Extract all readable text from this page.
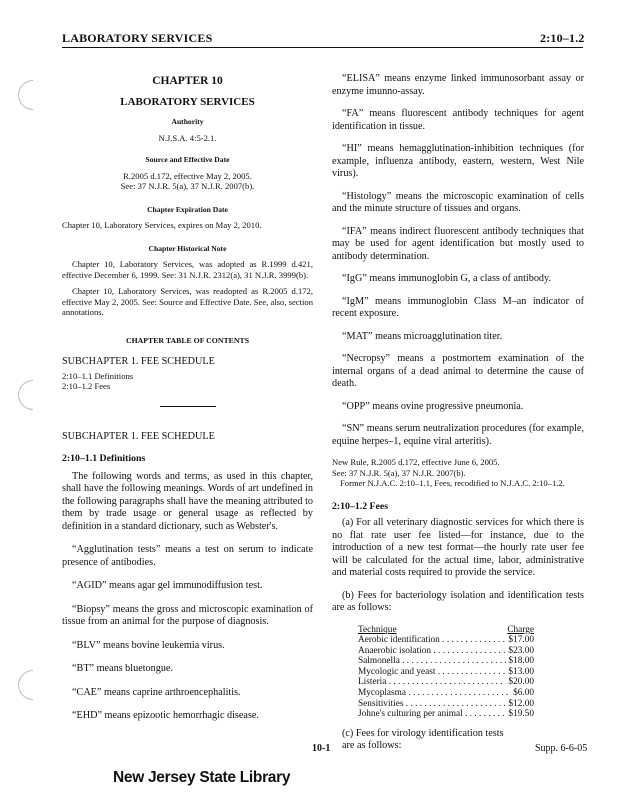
LABORATORY SERVICES	2:10–1.2
CHAPTER 10
LABORATORY SERVICES
Authority
N.J.S.A. 4:5-2.1.
Source and Effective Date
R.2005 d.172, effective May 2, 2005.
See: 37 N.J.R. 5(a), 37 N.J.R. 2007(b).
Chapter Expiration Date
Chapter 10, Laboratory Services, expires on May 2, 2010.
Chapter Historical Note

Chapter 10, Laboratory Services, was adopted as R.1999 d.421, effective December 6, 1999. See: 31 N.J.R. 2312(a), 31 N.J.R. 3999(b).

Chapter 10, Laboratory Services, was readopted as R.2005 d.172, effective May 2, 2005. See: Source and Effective Date. See, also, section annotations.

CHAPTER TABLE OF CONTENTS
SUBCHAPTER 1. FEE SCHEDULE
2:10–1.1 Definitions
2:10–1.2 Fees
SUBCHAPTER 1. FEE SCHEDULE
2:10–1.1 Definitions

The following words and terms, as used in this chapter, shall have the following meanings. Words of art undefined in the following paragraphs shall have the meaning attributed to them by trade usage or general usage as reflected by definition in a standard dictionary, such as Webster's.

“Agglutination tests” means a test on serum to indicate presence of antibodies.

“AGID” means agar gel immunodiffusion test.

“Biopsy” means the gross and microscopic examination of tissue from an animal for the purpose of diagnosis.

“BLV” means bovine leukemia virus.

“BT” means bluetongue.

“CAE” means caprine arthroencephalitis.

“EHD” means epizootic hemorrhagic disease.

“ELISA” means enzyme linked immunosorbant assay or enzyme imunno-assay.

“FA” means fluorescent antibody techniques for agent identification in tissue.

“HI” means hemagglutination-inhibition techniques (for example, influenza antibody, eastern, western, West Nile virus).

“Histology” means the microscopic examination of cells and the minute structure of tissues and organs.

“IFA” means indirect fluorescent antibody techniques that may be used for agent identification but mostly used to antibody determination.

“IgG” means immunoglobin G, a class of antibody.

“IgM” means immunoglobin Class M–an indicator of recent exposure.

“MAT” means microagglutination titer.

“Necropsy” means a postmortem examination of the internal organs of a dead animal to determine the cause of death.

“OPP” means ovine progressive pneumonia.

“SN” means serum neutralization procedures (for example, equine herpes–1, equine viral arteritis).

New Rule, R.2005 d.172, effective June 6, 2005.
See: 37 N.J.R. 5(a), 37 N.J.R. 2007(b).
Former N.J.A.C. 2:10–1.1, Fees, recodified to N.J.A.C. 2:10–1.2.
2:10–1.2 Fees

(a) For all veterinary diagnostic services for which there is no flat rate user fee listed—for instance, due to the introduction of a new test format—the hourly rate user fee will be calculated for the actual time, labor, administrative and material costs required to provide the service.

(b) Fees for bacteriology isolation and identification tests are as follows:

Technique	Charge
Aerobic identification . . .	$17.00
Anaerobic isolation . . .	$23.00
Salmonella . . .	$18.00
Mycologic and yeast . . .	$13.00
Listeria . . .	$20.00
Mycoplasma . . .	$6.00
Sensitivities . . .	$12.00
Johne's culturing per animal . . .	$19.50

(c) Fees for virology identification tests are as follows:

10-1	Supp. 6-6-05
New Jersey State Library
